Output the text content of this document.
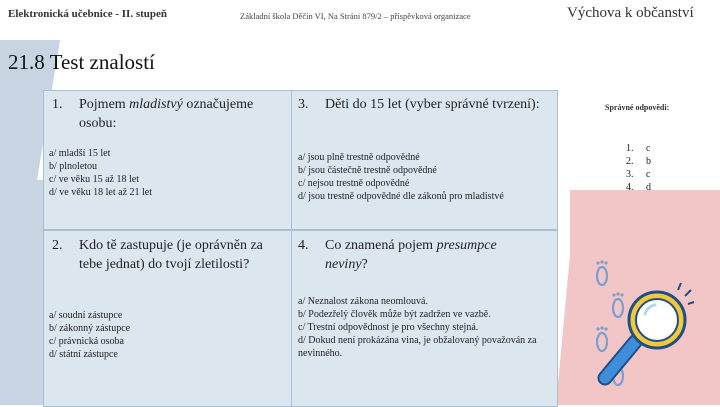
Elektronická učebnice - II. stupeň	Základní škola Děčín VI, Na Stráni 879/2 – příspěvková organizace	Výchova k občanství
21.8 Test znalostí
1. Pojmem mladistvý označujeme osobu:
a/ mladší 15 let
b/ plnoletou
c/ ve věku 15 až 18 let
d/ ve věku 18 let až 21 let
3. Děti do 15 let (vyber správné tvrzení):
a/ jsou plně trestně odpovědné
b/ jsou částečně trestně odpovědné
c/ nejsou trestně odpovědné
d/ jsou trestně odpovědné dle zákonů pro mladistvé
2. Kdo tě zastupuje (je oprávněn za tebe jednat) do tvojí zletilosti?
a/ soudní zástupce
b/ zákonný zástupce
c/ právnická osoba
d/ státní zástupce
4. Co znamená pojem presumpce neviny?
a/ Neznalost zákona neomlouvá.
b/ Podezřelý člověk může být zadržen ve vazbě.
c/ Trestní odpovědnost je pro všechny stejná.
d/ Dokud není prokázána vina, je obžalovaný považován za nevinného.
Správné odpovědi:
1. c
2. b
3. c
4. d
